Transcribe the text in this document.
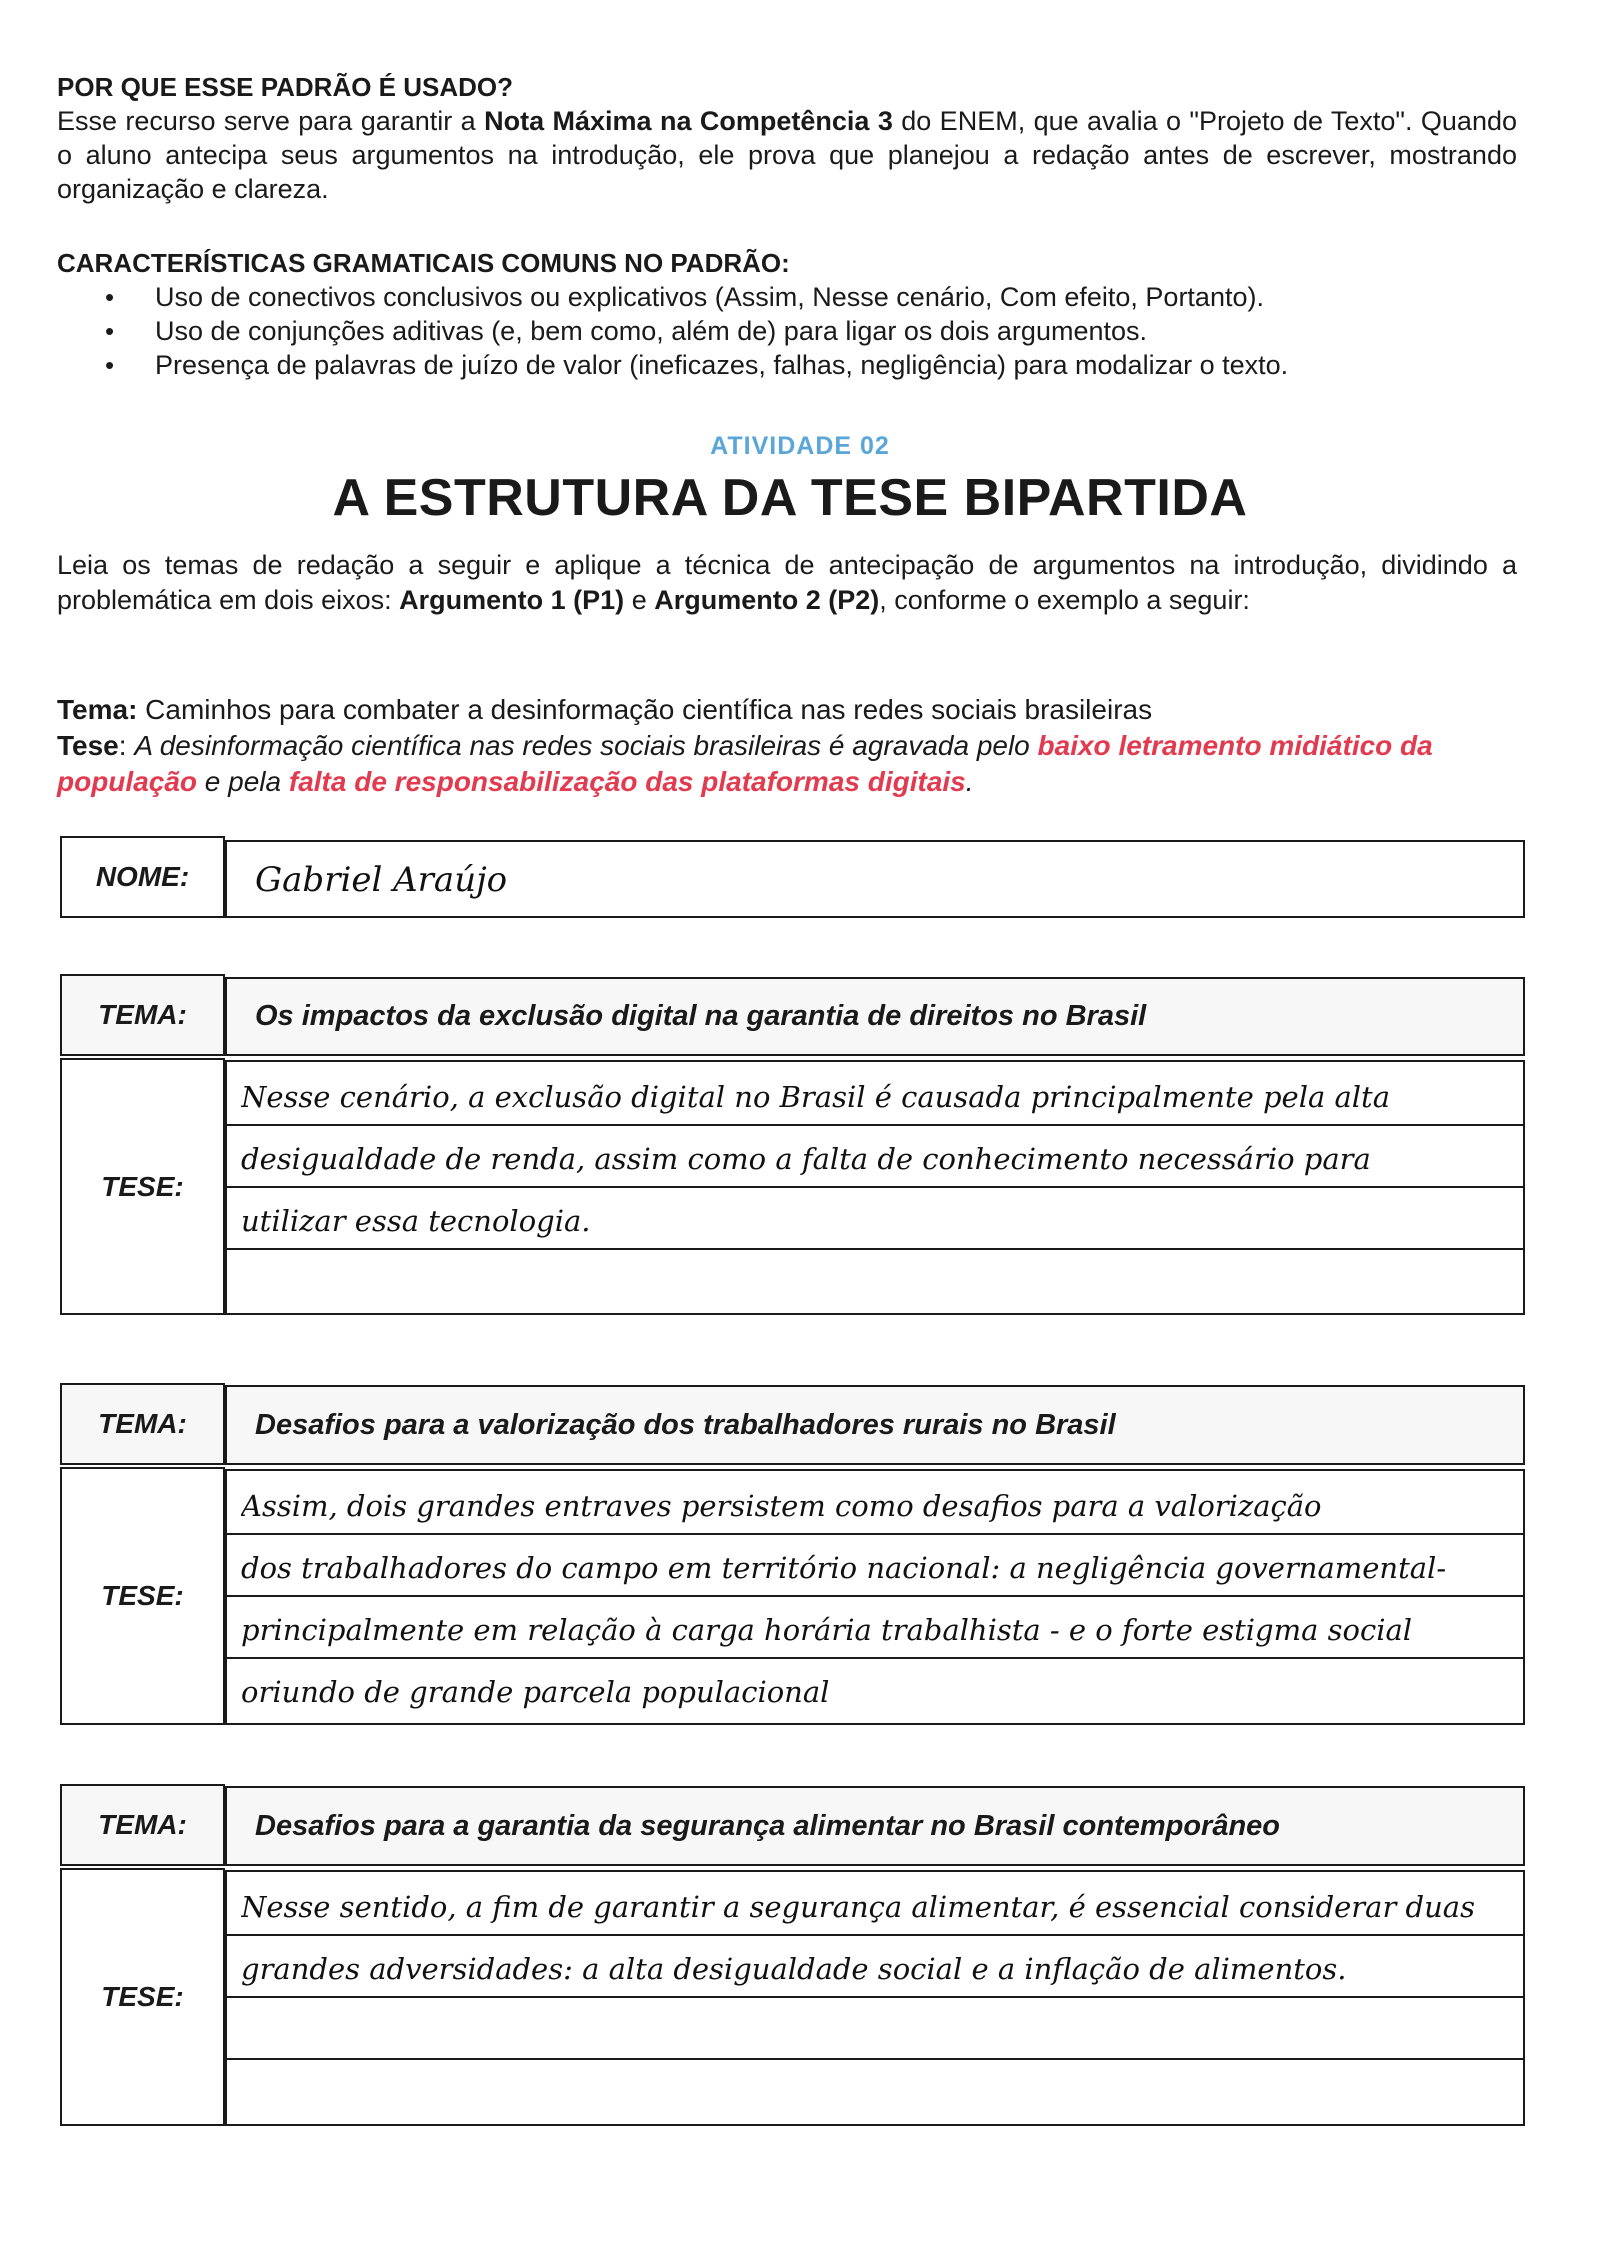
POR QUE ESSE PADRÃO É USADO?

Esse recurso serve para garantir a Nota Máxima na Competência 3 do ENEM, que avalia o "Projeto de Texto". Quando o aluno antecipa seus argumentos na introdução, ele prova que planejou a redação antes de escrever, mostrando organização e clareza.

CARACTERÍSTICAS GRAMATICAIS COMUNS NO PADRÃO:

• Uso de conectivos conclusivos ou explicativos (Assim, Nesse cenário, Com efeito, Portanto).
• Uso de conjunções aditivas (e, bem como, além de) para ligar os dois argumentos.
• Presença de palavras de juízo de valor (ineficazes, falhas, negligência) para modalizar o texto.
ATIVIDADE 02
A ESTRUTURA DA TESE BIPARTIDA

Leia os temas de redação a seguir e aplique a técnica de antecipação de argumentos na introdução, dividindo a problemática em dois eixos: Argumento 1 (P1) e Argumento 2 (P2), conforme o exemplo a seguir:

Tema: Caminhos para combater a desinformação científica nas redes sociais brasileiras
Tese: A desinformação científica nas redes sociais brasileiras é agravada pelo baixo letramento midiático da população e pela falta de responsabilização das plataformas digitais.
NOME: Gabriel Araújo
TEMA:	Os impactos da exclusão digital na garantia de direitos no Brasil
TESE:
Nesse cenário, a exclusão digital no Brasil é causada principalmente pela alta
desigualdade de renda, assim como a falta de conhecimento necessário para
utilizar essa tecnologia.
TEMA:	Desafios para a valorização dos trabalhadores rurais no Brasil
TESE:
Assim, dois grandes entraves persistem como desafios para a valorização
dos trabalhadores do campo em território nacional: a negligência governamental-
principalmente em relação à carga horária trabalhista - e o forte estigma social
oriundo de grande parcela populacional
TEMA:	Desafios para a garantia da segurança alimentar no Brasil contemporâneo
TESE:
Nesse sentido, a fim de garantir a segurança alimentar, é essencial considerar duas
grandes adversidades: a alta desigualdade social e a inflação de alimentos.
